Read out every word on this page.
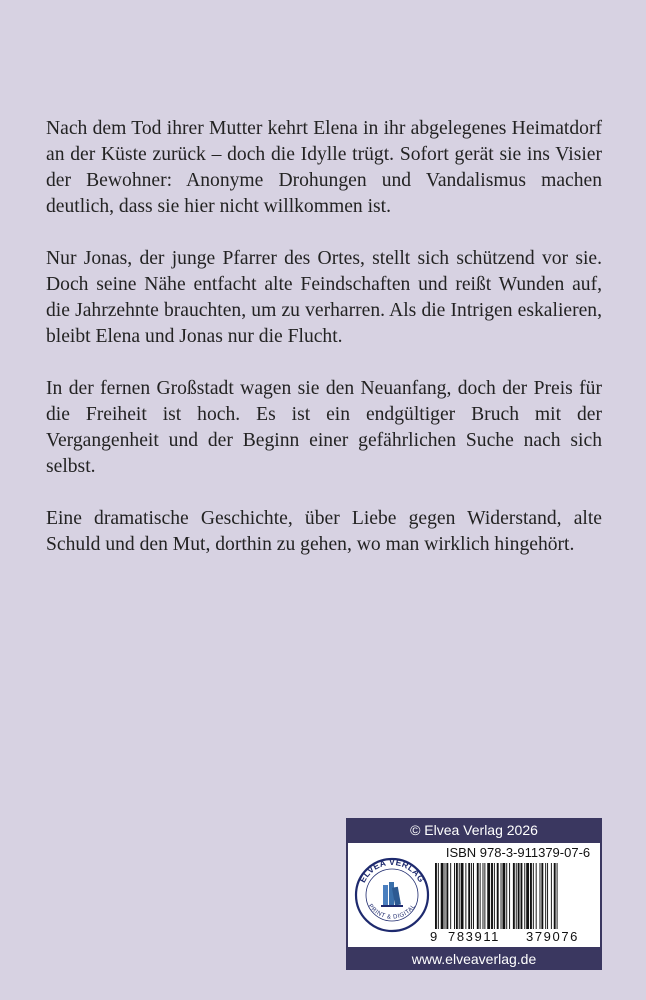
Nach dem Tod ihrer Mutter kehrt Elena in ihr abgelegenes Heimatdorf an der Küste zurück – doch die Idylle trügt. Sofort gerät sie ins Visier der Bewohner: Anonyme Drohungen und Vandalismus machen deutlich, dass sie hier nicht willkommen ist.

Nur Jonas, der junge Pfarrer des Ortes, stellt sich schützend vor sie. Doch seine Nähe entfacht alte Feindschaften und reißt Wunden auf, die Jahrzehnte brauchten, um zu verharren. Als die Intrigen eskalieren, bleibt Elena und Jonas nur die Flucht.

In der fernen Großstadt wagen sie den Neuanfang, doch der Preis für die Freiheit ist hoch. Es ist ein endgültiger Bruch mit der Vergangenheit und der Beginn einer gefährlichen Suche nach sich selbst.

Eine dramatische Geschichte, über Liebe gegen Widerstand, alte Schuld und den Mut, dorthin zu gehen, wo man wirklich hingehört.

© Elvea Verlag 2026
ELVEA VERLAG
PRINT & DIGITAL
ISBN 978-3-911379-07-6
9 783911 379076
www.elveaverlag.de
